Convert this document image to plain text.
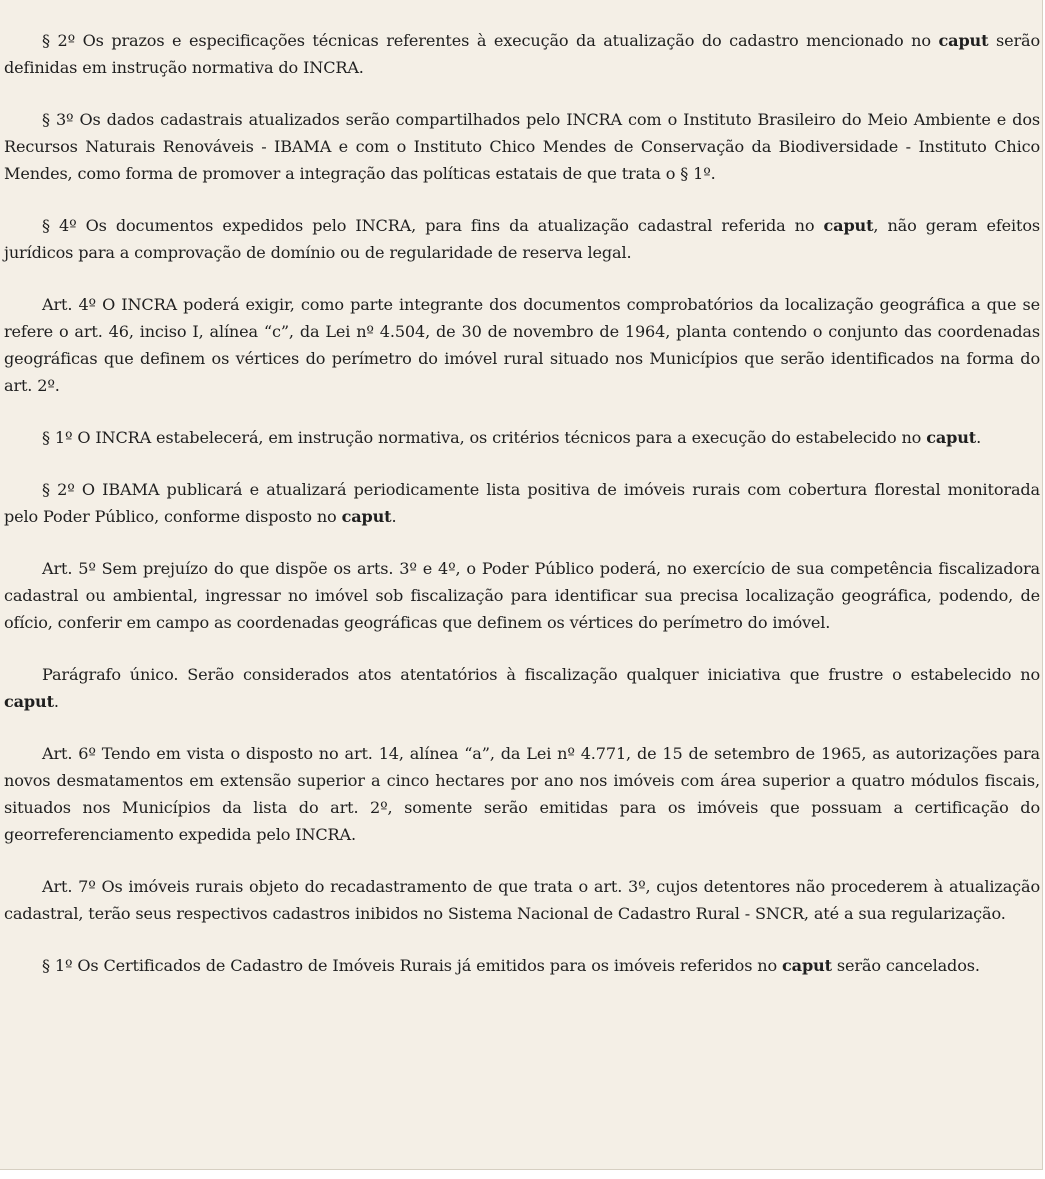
§ 2º Os prazos e especificações técnicas referentes à execução da atualização do cadastro mencionado no caput serão definidas em instrução normativa do INCRA.

§ 3º Os dados cadastrais atualizados serão compartilhados pelo INCRA com o Instituto Brasileiro do Meio Ambiente e dos Recursos Naturais Renováveis - IBAMA e com o Instituto Chico Mendes de Conservação da Biodiversidade - Instituto Chico Mendes, como forma de promover a integração das políticas estatais de que trata o § 1º.

§ 4º Os documentos expedidos pelo INCRA, para fins da atualização cadastral referida no caput, não geram efeitos jurídicos para a comprovação de domínio ou de regularidade de reserva legal.

Art. 4º O INCRA poderá exigir, como parte integrante dos documentos comprobatórios da localização geográfica a que se refere o art. 46, inciso I, alínea “c”, da Lei nº 4.504, de 30 de novembro de 1964, planta contendo o conjunto das coordenadas geográficas que definem os vértices do perímetro do imóvel rural situado nos Municípios que serão identificados na forma do art. 2º.

§ 1º O INCRA estabelecerá, em instrução normativa, os critérios técnicos para a execução do estabelecido no caput.

§ 2º O IBAMA publicará e atualizará periodicamente lista positiva de imóveis rurais com cobertura florestal monitorada pelo Poder Público, conforme disposto no caput.

Art. 5º Sem prejuízo do que dispõe os arts. 3º e 4º, o Poder Público poderá, no exercício de sua competência fiscalizadora cadastral ou ambiental, ingressar no imóvel sob fiscalização para identificar sua precisa localização geográfica, podendo, de ofício, conferir em campo as coordenadas geográficas que definem os vértices do perímetro do imóvel.

Parágrafo único. Serão considerados atos atentatórios à fiscalização qualquer iniciativa que frustre o estabelecido no caput.

Art. 6º Tendo em vista o disposto no art. 14, alínea “a”, da Lei nº 4.771, de 15 de setembro de 1965, as autorizações para novos desmatamentos em extensão superior a cinco hectares por ano nos imóveis com área superior a quatro módulos fiscais, situados nos Municípios da lista do art. 2º, somente serão emitidas para os imóveis que possuam a certificação do georreferenciamento expedida pelo INCRA.

Art. 7º Os imóveis rurais objeto do recadastramento de que trata o art. 3º, cujos detentores não procederem à atualização cadastral, terão seus respectivos cadastros inibidos no Sistema Nacional de Cadastro Rural - SNCR, até a sua regularização.

§ 1º Os Certificados de Cadastro de Imóveis Rurais já emitidos para os imóveis referidos no caput serão cancelados.
